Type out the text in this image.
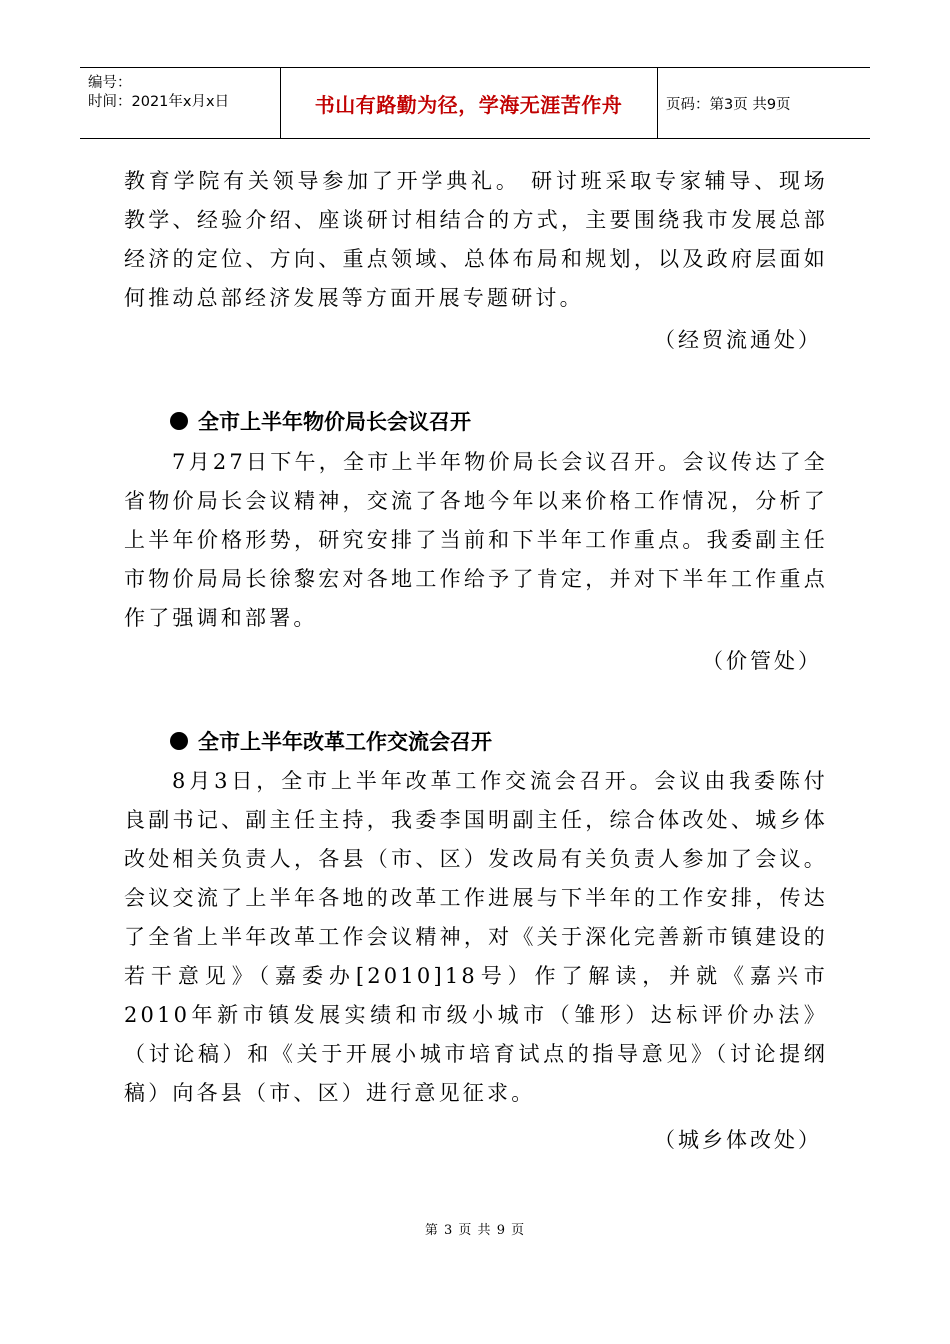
编号：
时间：2021年x月x日	书山有路勤为径，学海无涯苦作舟	页码：第3页 共9页
教育学院有关领导参加了开学典礼。 研讨班采取专家辅导、现场教学、经验介绍、座谈研讨相结合的方式，主要围绕我市发展总部经济的定位、方向、重点领域、总体布局和规划，以及政府层面如何推动总部经济发展等方面开展专题研讨。
（经贸流通处）
全市上半年物价局长会议召开
7月27日下午，全市上半年物价局长会议召开。会议传达了全省物价局长会议精神，交流了各地今年以来价格工作情况，分析了上半年价格形势，研究安排了当前和下半年工作重点。我委副主任市物价局局长徐黎宏对各地工作给予了肯定，并对下半年工作重点作了强调和部署。
（价管处）
全市上半年改革工作交流会召开
8月3日，全市上半年改革工作交流会召开。会议由我委陈付良副书记、副主任主持，我委李国明副主任，综合体改处、城乡体改处相关负责人，各县（市、区）发改局有关负责人参加了会议。会议交流了上半年各地的改革工作进展与下半年的工作安排，传达了全省上半年改革工作会议精神，对《关于深化完善新市镇建设的若干意见》（嘉委办[2010]18号）作了解读，并就《嘉兴市2010年新市镇发展实绩和市级小城市（雏形）达标评价办法》（讨论稿）和《关于开展小城市培育试点的指导意见》（讨论提纲稿）向各县（市、区）进行意见征求。
（城乡体改处）
第 3 页 共 9 页
